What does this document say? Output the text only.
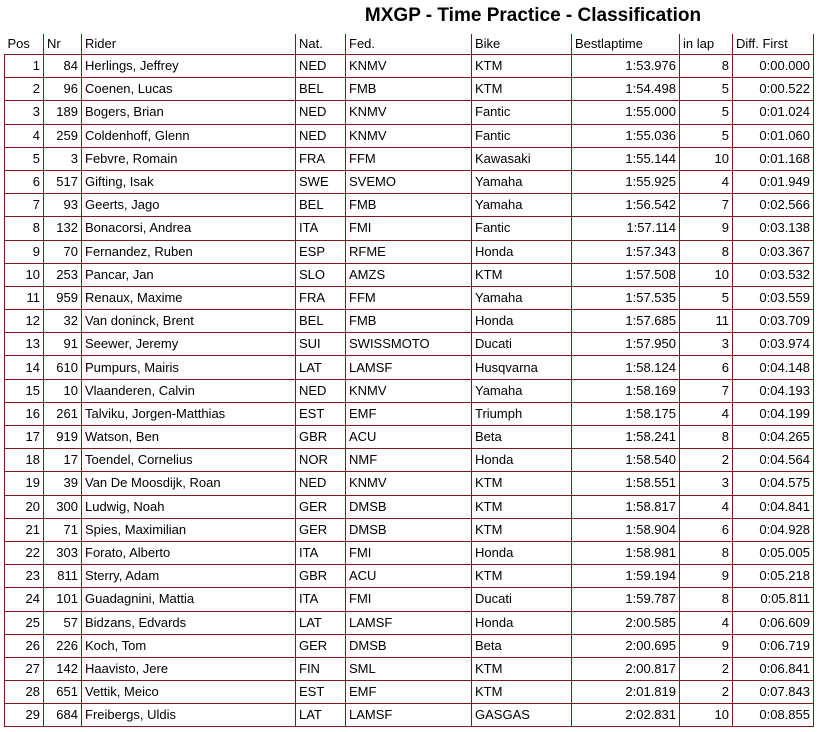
MXGP - Time Practice - Classification
Pos	Nr	Rider	Nat.	Fed.	Bike	Bestlaptime	in lap	Diff. First
1	84	Herlings, Jeffrey	NED	KNMV	KTM	1:53.976	8	0:00.000
2	96	Coenen, Lucas	BEL	FMB	KTM	1:54.498	5	0:00.522
3	189	Bogers, Brian	NED	KNMV	Fantic	1:55.000	5	0:01.024
4	259	Coldenhoff, Glenn	NED	KNMV	Fantic	1:55.036	5	0:01.060
5	3	Febvre, Romain	FRA	FFM	Kawasaki	1:55.144	10	0:01.168
6	517	Gifting, Isak	SWE	SVEMO	Yamaha	1:55.925	4	0:01.949
7	93	Geerts, Jago	BEL	FMB	Yamaha	1:56.542	7	0:02.566
8	132	Bonacorsi, Andrea	ITA	FMI	Fantic	1:57.114	9	0:03.138
9	70	Fernandez, Ruben	ESP	RFME	Honda	1:57.343	8	0:03.367
10	253	Pancar, Jan	SLO	AMZS	KTM	1:57.508	10	0:03.532
11	959	Renaux, Maxime	FRA	FFM	Yamaha	1:57.535	5	0:03.559
12	32	Van doninck, Brent	BEL	FMB	Honda	1:57.685	11	0:03.709
13	91	Seewer, Jeremy	SUI	SWISSMOTO	Ducati	1:57.950	3	0:03.974
14	610	Pumpurs, Mairis	LAT	LAMSF	Husqvarna	1:58.124	6	0:04.148
15	10	Vlaanderen, Calvin	NED	KNMV	Yamaha	1:58.169	7	0:04.193
16	261	Talviku, Jorgen-Matthias	EST	EMF	Triumph	1:58.175	4	0:04.199
17	919	Watson, Ben	GBR	ACU	Beta	1:58.241	8	0:04.265
18	17	Toendel, Cornelius	NOR	NMF	Honda	1:58.540	2	0:04.564
19	39	Van De Moosdijk, Roan	NED	KNMV	KTM	1:58.551	3	0:04.575
20	300	Ludwig, Noah	GER	DMSB	KTM	1:58.817	4	0:04.841
21	71	Spies, Maximilian	GER	DMSB	KTM	1:58.904	6	0:04.928
22	303	Forato, Alberto	ITA	FMI	Honda	1:58.981	8	0:05.005
23	811	Sterry, Adam	GBR	ACU	KTM	1:59.194	9	0:05.218
24	101	Guadagnini, Mattia	ITA	FMI	Ducati	1:59.787	8	0:05.811
25	57	Bidzans, Edvards	LAT	LAMSF	Honda	2:00.585	4	0:06.609
26	226	Koch, Tom	GER	DMSB	Beta	2:00.695	9	0:06.719
27	142	Haavisto, Jere	FIN	SML	KTM	2:00.817	2	0:06.841
28	651	Vettik, Meico	EST	EMF	KTM	2:01.819	2	0:07.843
29	684	Freibergs, Uldis	LAT	LAMSF	GASGAS	2:02.831	10	0:08.855
